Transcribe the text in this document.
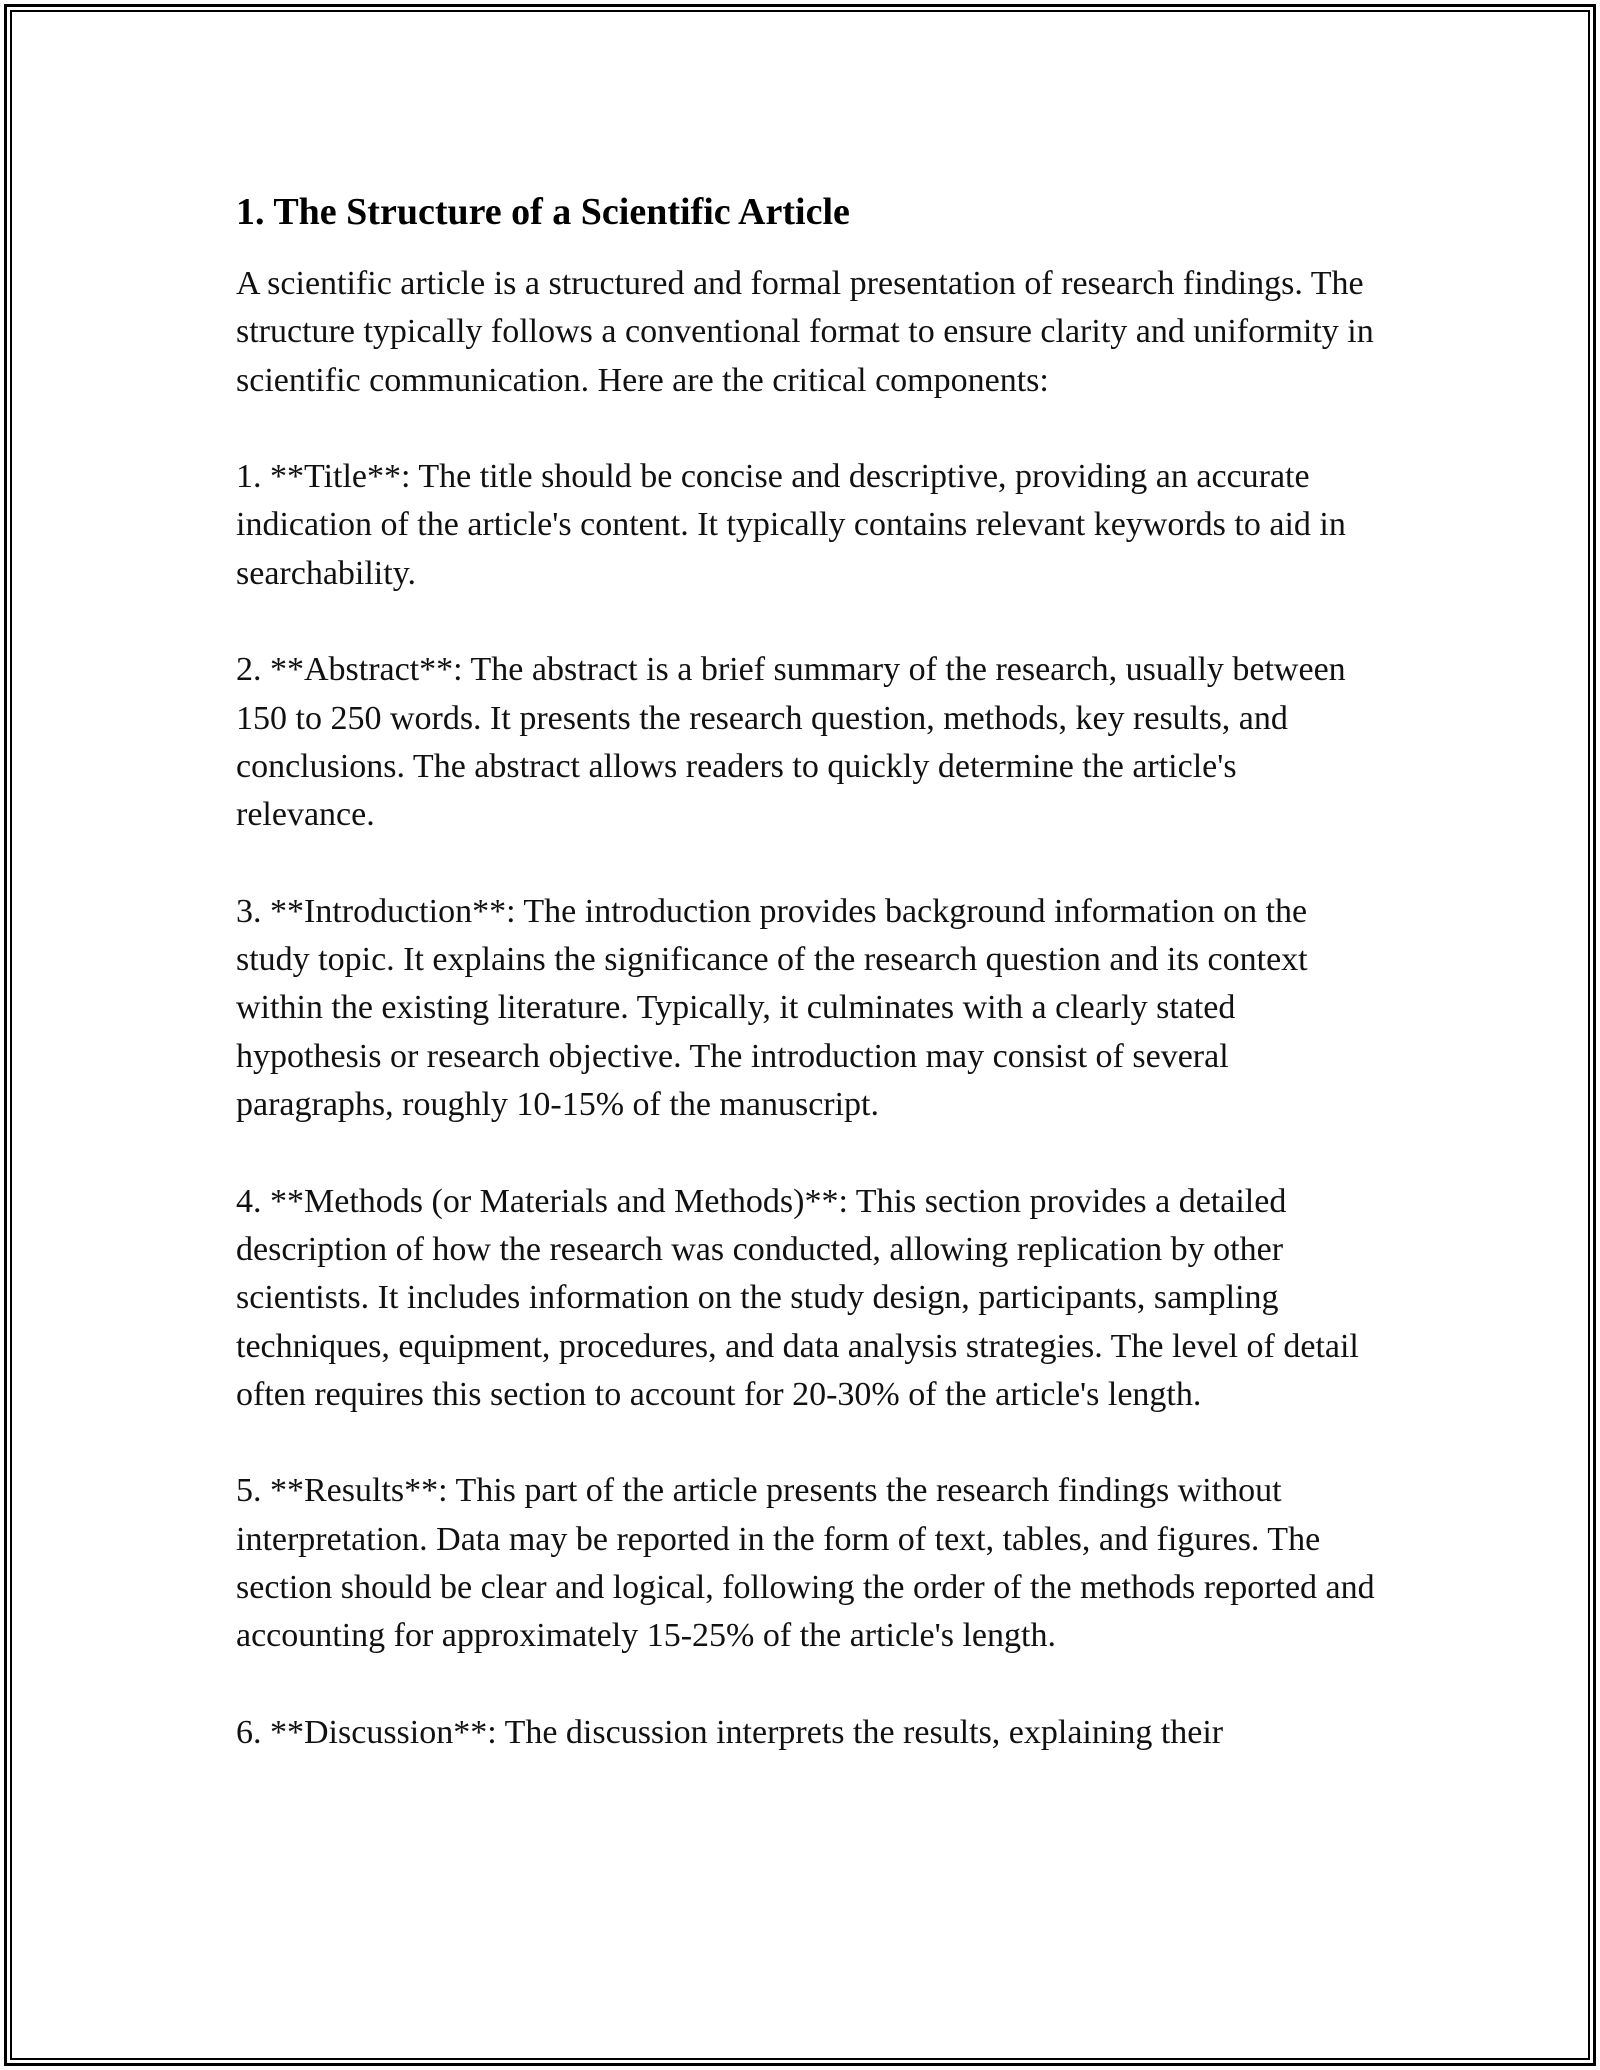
1. The Structure of a Scientific Article

A scientific article is a structured and formal presentation of research findings. The structure typically follows a conventional format to ensure clarity and uniformity in scientific communication. Here are the critical components:

1. **Title**: The title should be concise and descriptive, providing an accurate indication of the article's content. It typically contains relevant keywords to aid in searchability.

2. **Abstract**: The abstract is a brief summary of the research, usually between 150 to 250 words. It presents the research question, methods, key results, and conclusions. The abstract allows readers to quickly determine the article's relevance.

3. **Introduction**: The introduction provides background information on the study topic. It explains the significance of the research question and its context within the existing literature. Typically, it culminates with a clearly stated hypothesis or research objective. The introduction may consist of several paragraphs, roughly 10-15% of the manuscript.

4. **Methods (or Materials and Methods)**: This section provides a detailed description of how the research was conducted, allowing replication by other scientists. It includes information on the study design, participants, sampling techniques, equipment, procedures, and data analysis strategies. The level of detail often requires this section to account for 20-30% of the article's length.

5. **Results**: This part of the article presents the research findings without interpretation. Data may be reported in the form of text, tables, and figures. The section should be clear and logical, following the order of the methods reported and accounting for approximately 15-25% of the article's length.

6. **Discussion**: The discussion interprets the results, explaining their
